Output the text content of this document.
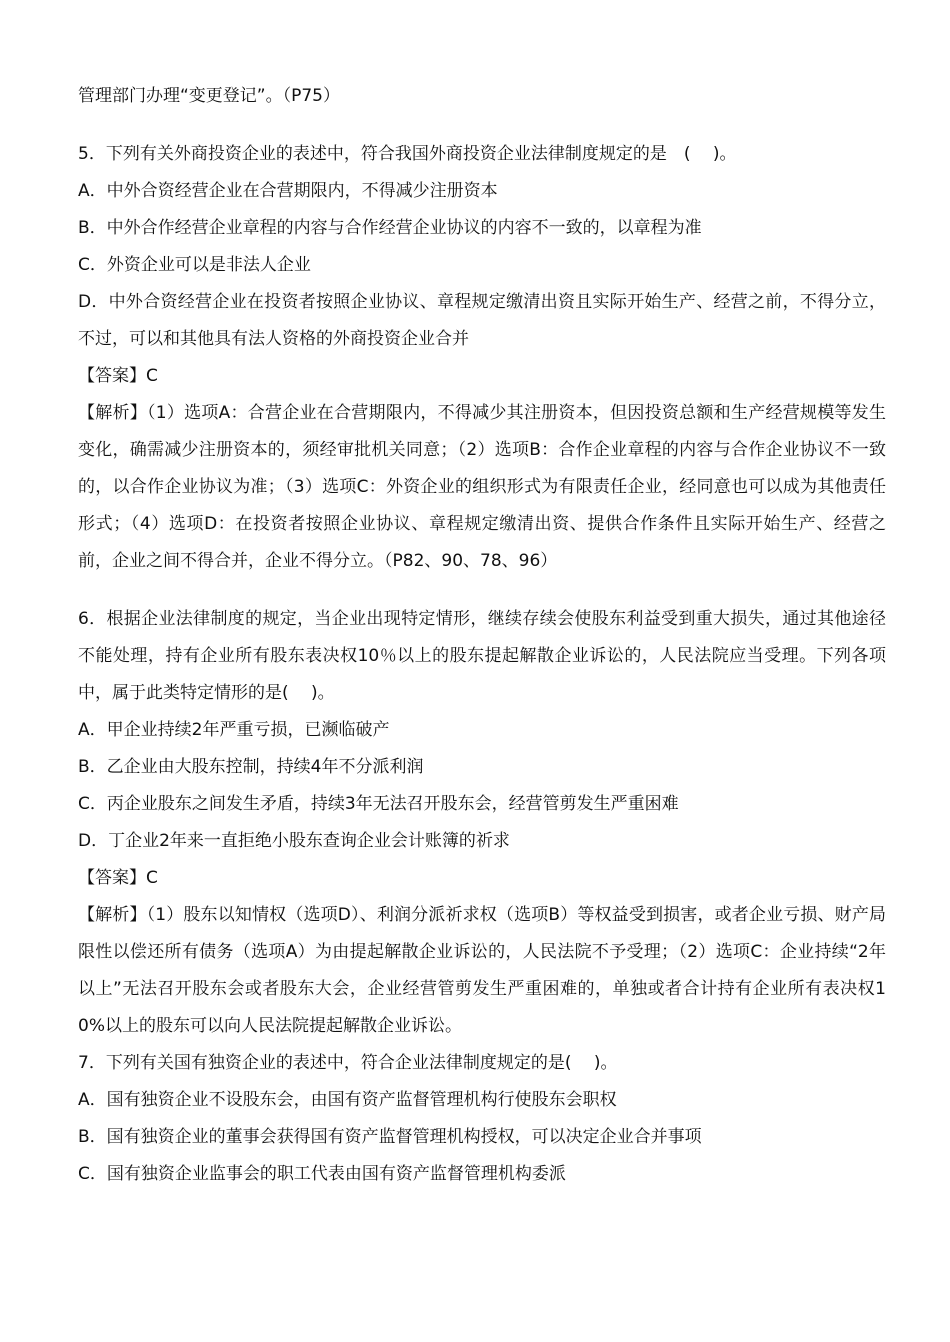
管理部门办理“变更登记”。（P75）
5．下列有关外商投资企业的表述中，符合我国外商投资企业法律制度规定的是　(　 )。
A．中外合资经营企业在合营期限内，不得减少注册资本
B．中外合作经营企业章程的内容与合作经营企业协议的内容不一致的，以章程为准
C．外资企业可以是非法人企业
D．中外合资经营企业在投资者按照企业协议、章程规定缴清出资且实际开始生产、经营之前，不得分立，不过，可以和其他具有法人资格的外商投资企业合并
【答案】C
【解析】（1）选项A：合营企业在合营期限内，不得减少其注册资本，但因投资总额和生产经营规模等发生变化，确需减少注册资本的，须经审批机关同意；（2）选项B：合作企业章程的内容与合作企业协议不一致的，以合作企业协议为准；（3）选项C：外资企业的组织形式为有限责任企业，经同意也可以成为其他责任形式；（4）选项D：在投资者按照企业协议、章程规定缴清出资、提供合作条件且实际开始生产、经营之前，企业之间不得合并，企业不得分立。（P82、90、78、96）
6．根据企业法律制度的规定，当企业出现特定情形，继续存续会使股东利益受到重大损失，通过其他途径不能处理，持有企业所有股东表决权10％以上的股东提起解散企业诉讼的，人民法院应当受理。下列各项中，属于此类特定情形的是(　 )。
A．甲企业持续2年严重亏损，已濒临破产
B．乙企业由大股东控制，持续4年不分派利润
C．丙企业股东之间发生矛盾，持续3年无法召开股东会，经营管剪发生严重困难
D．丁企业2年来一直拒绝小股东查询企业会计账簿的祈求
【答案】C
【解析】（1）股东以知情权（选项D）、利润分派祈求权（选项B）等权益受到损害，或者企业亏损、财产局限性以偿还所有债务（选项A）为由提起解散企业诉讼的，人民法院不予受理；（2）选项C：企业持续“2年以上”无法召开股东会或者股东大会，企业经营管剪发生严重困难的，单独或者合计持有企业所有表决权10%以上的股东可以向人民法院提起解散企业诉讼。
7．下列有关国有独资企业的表述中，符合企业法律制度规定的是(　 )。
A．国有独资企业不设股东会，由国有资产监督管理机构行使股东会职权
B．国有独资企业的董事会获得国有资产监督管理机构授权，可以决定企业合并事项
C．国有独资企业监事会的职工代表由国有资产监督管理机构委派
